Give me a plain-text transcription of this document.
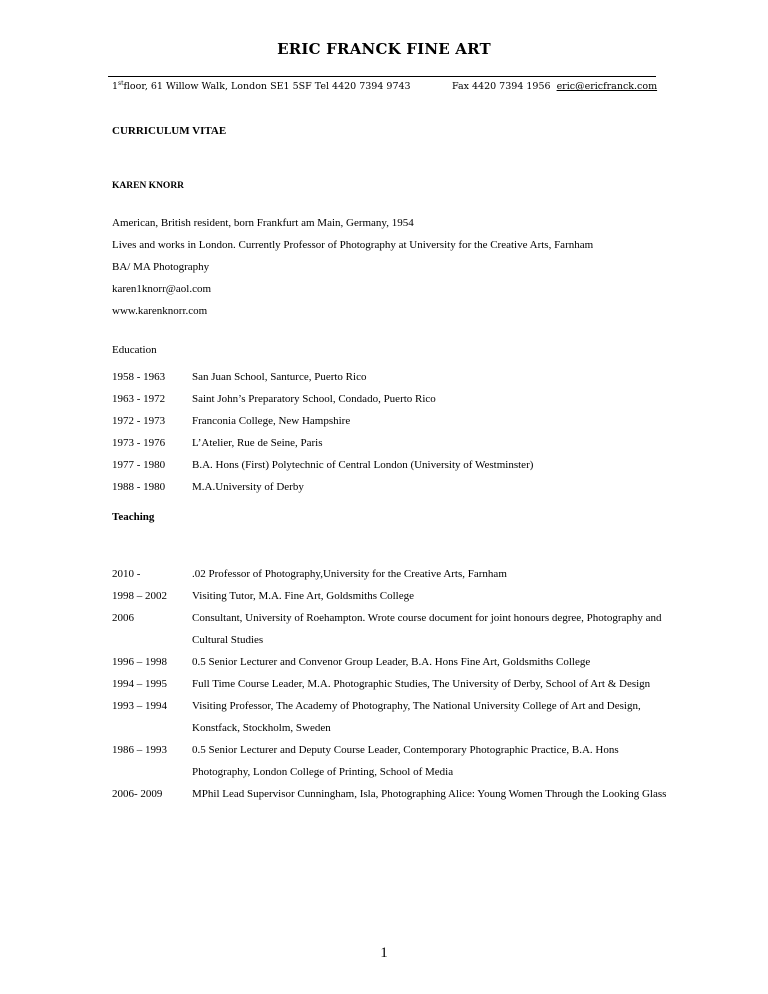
ERIC FRANCK FINE ART
1stfloor, 61 Willow Walk, London SE1 5SF Tel 4420 7394 9743	Fax 4420 7394 1956 eric@ericfranck.com
CURRICULUM VITAE
KAREN KNORR
American, British resident, born Frankfurt am Main, Germany, 1954
Lives and works in London. Currently Professor of Photography at University for the Creative Arts, Farnham
BA/ MA Photography
karen1knorr@aol.com
www.karenknorr.com
Education
1958 - 1963	San Juan School, Santurce, Puerto Rico
1963 - 1972	Saint John’s Preparatory School, Condado, Puerto Rico
1972 - 1973	Franconia College, New Hampshire
1973 - 1976	L’Atelier, Rue de Seine, Paris
1977 - 1980	B.A. Hons (First) Polytechnic of Central London (University of Westminster)
1988 - 1980	M.A.University of Derby
Teaching
2010 -	.02 Professor of Photography,University for the Creative Arts, Farnham
1998 – 2002	Visiting Tutor, M.A. Fine Art, Goldsmiths College
2006	Consultant, University of Roehampton. Wrote course document for joint honours degree, Photography and Cultural Studies
1996 – 1998	0.5 Senior Lecturer and Convenor Group Leader, B.A. Hons Fine Art, Goldsmiths College
1994 – 1995	Full Time Course Leader, M.A. Photographic Studies, The University of Derby, School of Art & Design
1993 – 1994	Visiting Professor, The Academy of Photography, The National University College of Art and Design, Konstfack, Stockholm, Sweden
1986 – 1993	0.5 Senior Lecturer and Deputy Course Leader, Contemporary Photographic Practice, B.A. Hons Photography, London College of Printing, School of Media
2006- 2009	MPhil Lead Supervisor Cunningham, Isla, Photographing Alice: Young Women Through the Looking Glass
1
